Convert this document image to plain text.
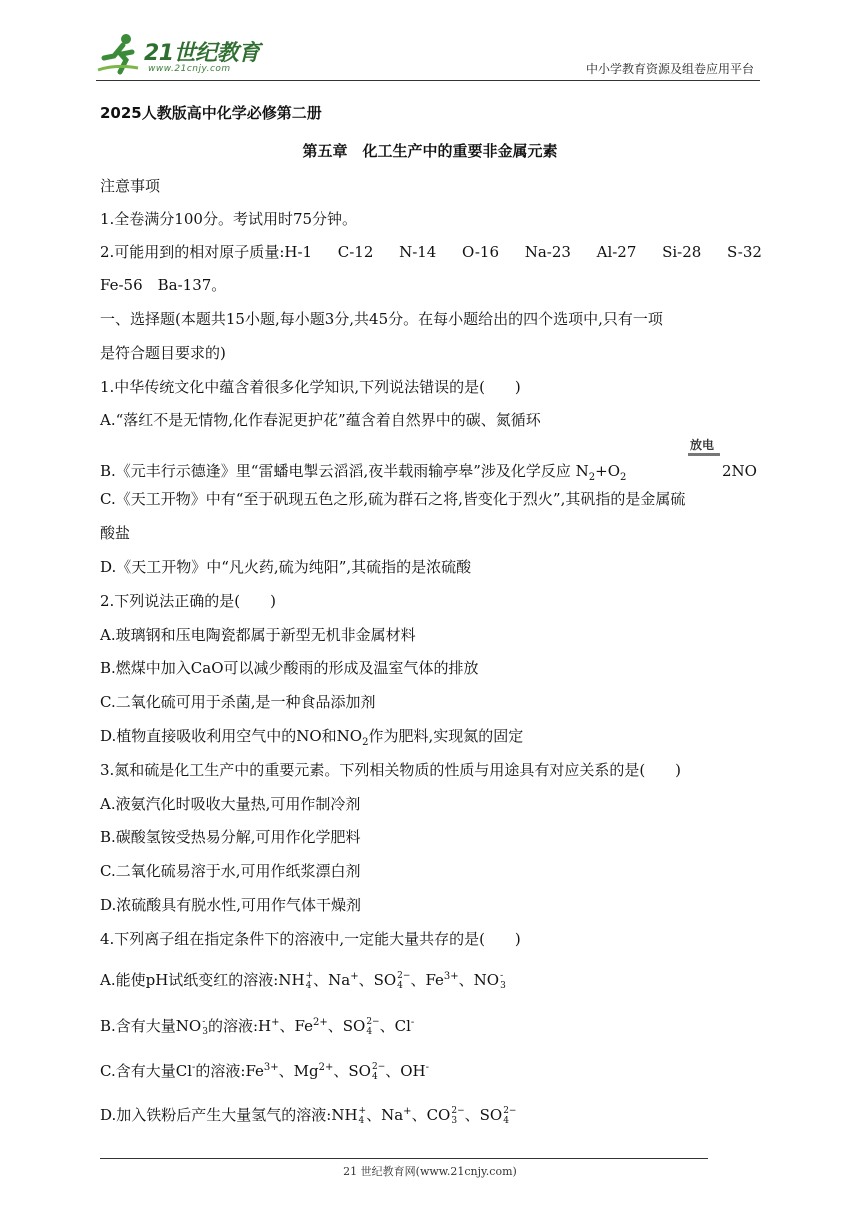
21世纪教育
www.21cnjy.com	中小学教育资源及组卷应用平台
2025人教版高中化学必修第二册
第五章　化工生产中的重要非金属元素
注意事项
1.全卷满分100分。考试用时75分钟。
2.可能用到的相对原子质量:H-1 C-12 N-14 O-16 Na-23 Al-27 Si-28 S-32
Fe-56　Ba-137。
一、选择题(本题共15小题,每小题3分,共45分。在每小题给出的四个选项中,只有一项
是符合题目要求的)
1.中华传统文化中蕴含着很多化学知识,下列说法错误的是(　　)
A.“落红不是无情物,化作春泥更护花”蕴含着自然界中的碳、氮循环
放电
B.《元丰行示德逢》里“雷蟠电掣云滔滔,夜半载雨输亭皋”涉及化学反应 $N_2+O_2$	2NO
C.《天工开物》中有“至于矾现五色之形,硫为群石之将,皆变化于烈火”,其矾指的是金属硫
酸盐
D.《天工开物》中“凡火药,硫为纯阳”,其硫指的是浓硫酸
2.下列说法正确的是(　　)
A.玻璃钢和压电陶瓷都属于新型无机非金属材料
B.燃煤中加入CaO可以减少酸雨的形成及温室气体的排放
C.二氧化硫可用于杀菌,是一种食品添加剂
D.植物直接吸收利用空气中的NO和$NO_2$作为肥料,实现氮的固定
3.氮和硫是化工生产中的重要元素。下列相关物质的性质与用途具有对应关系的是(　　)
A.液氨汽化时吸收大量热,可用作制冷剂
B.碳酸氢铵受热易分解,可用作化学肥料
C.二氧化硫易溶于水,可用作纸浆漂白剂
D.浓硫酸具有脱水性,可用作气体干燥剂
4.下列离子组在指定条件下的溶液中,一定能大量共存的是(　　)
A.能使pH试纸变红的溶液:NH +
4 、Na+、SO 2−
4 、$Fe^{3+}$、NO -
3
B.含有大量NO -
3 的溶液:H+、$Fe^{2+}$、SO 2−
4 、Cl-
C.含有大量Cl-的溶液$:Fe^{3+}$、$Mg^{2+}$、SO 2−
4 、OH-
D.加入铁粉后产生大量氢气的溶液:NH +
4 、Na+、CO 2−
3 、SO 2−
4
21 世纪教育网(www.21cnjy.com)
